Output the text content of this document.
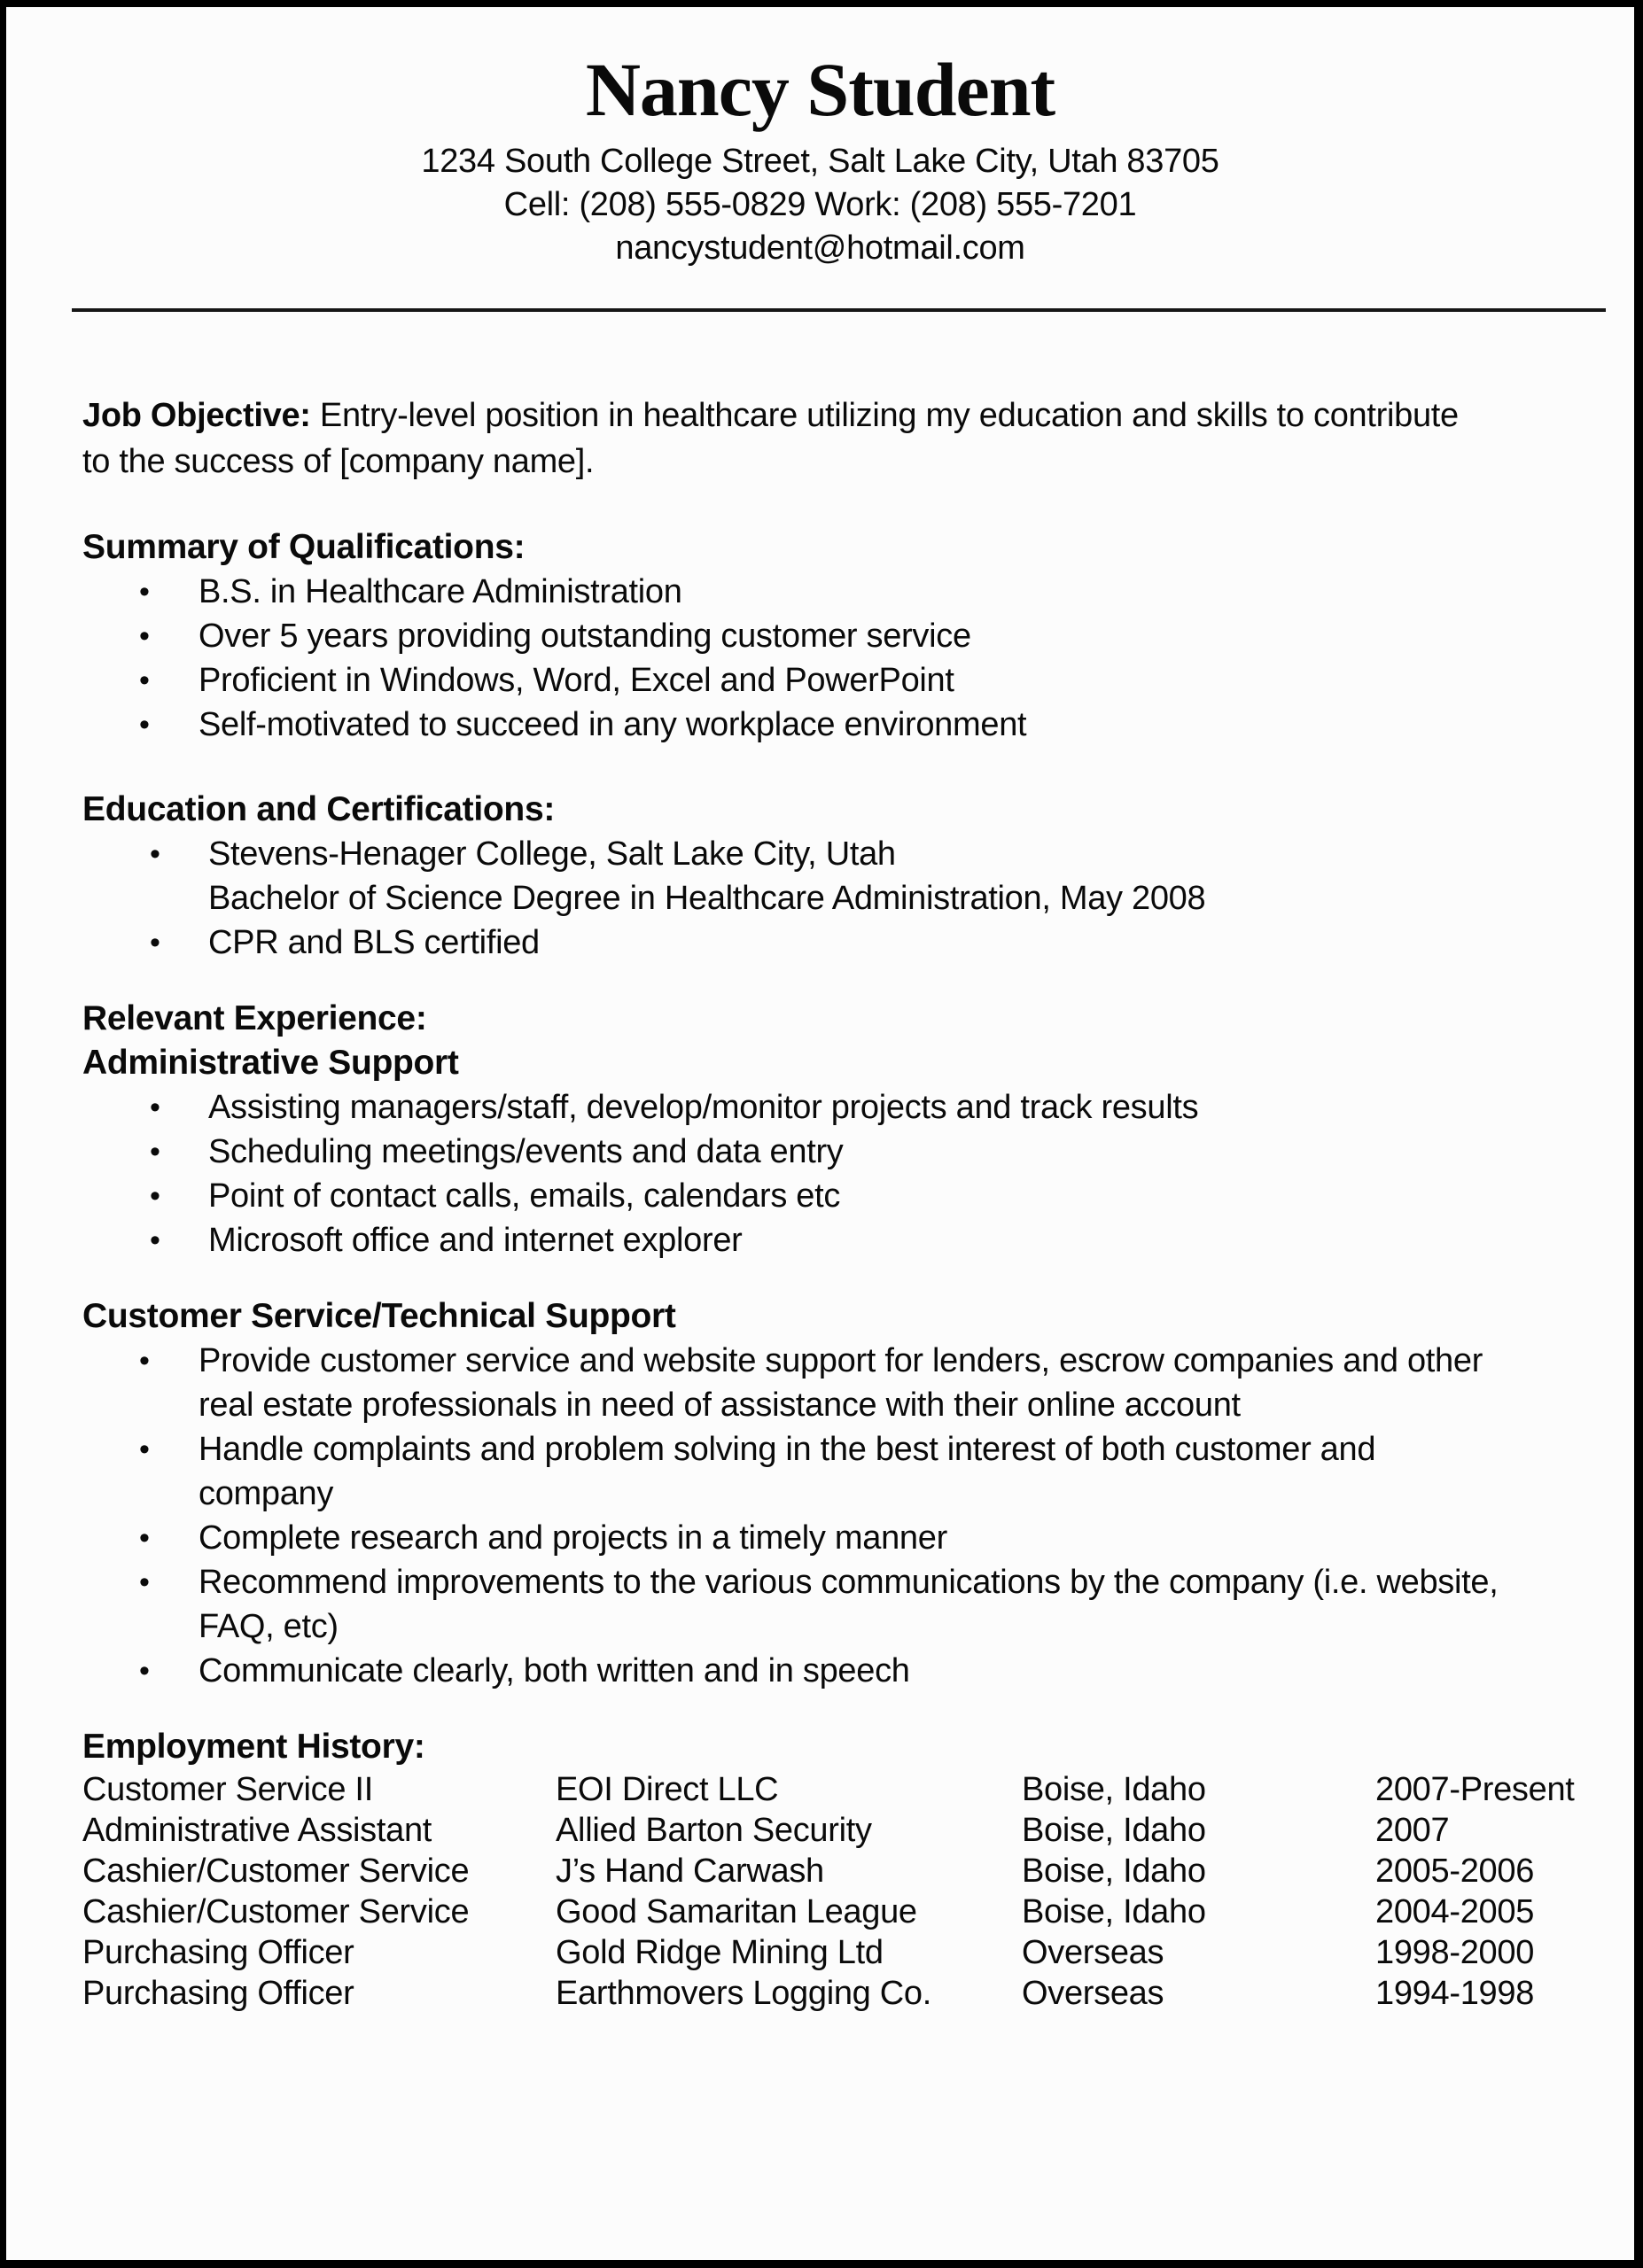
Nancy Student
1234 South College Street, Salt Lake City, Utah 83705
Cell: (208) 555-0829 Work: (208) 555-7201
nancystudent@hotmail.com

Job Objective: Entry-level position in healthcare utilizing my education and skills to contribute
to the success of [company name].

Summary of Qualifications:
• B.S. in Healthcare Administration
• Over 5 years providing outstanding customer service
• Proficient in Windows, Word, Excel and PowerPoint
• Self-motivated to succeed in any workplace environment
Education and Certifications:
• Stevens-Henager College, Salt Lake City, Utah
Bachelor of Science Degree in Healthcare Administration, May 2008
• CPR and BLS certified
Relevant Experience:
Administrative Support
• Assisting managers/staff, develop/monitor projects and track results
• Scheduling meetings/events and data entry
• Point of contact calls, emails, calendars etc
• Microsoft office and internet explorer
Customer Service/Technical Support
• Provide customer service and website support for lenders, escrow companies and other
real estate professionals in need of assistance with their online account
• Handle complaints and problem solving in the best interest of both customer and
company
• Complete research and projects in a timely manner
• Recommend improvements to the various communications by the company (i.e. website,
FAQ, etc)
• Communicate clearly, both written and in speech
Employment History:
Customer Service II	EOI Direct LLC	Boise, Idaho	2007-Present
Administrative Assistant	Allied Barton Security	Boise, Idaho	2007
Cashier/Customer Service	J’s Hand Carwash	Boise, Idaho	2005-2006
Cashier/Customer Service	Good Samaritan League	Boise, Idaho	2004-2005
Purchasing Officer	Gold Ridge Mining Ltd	Overseas	1998-2000
Purchasing Officer	Earthmovers Logging Co.	Overseas	1994-1998
